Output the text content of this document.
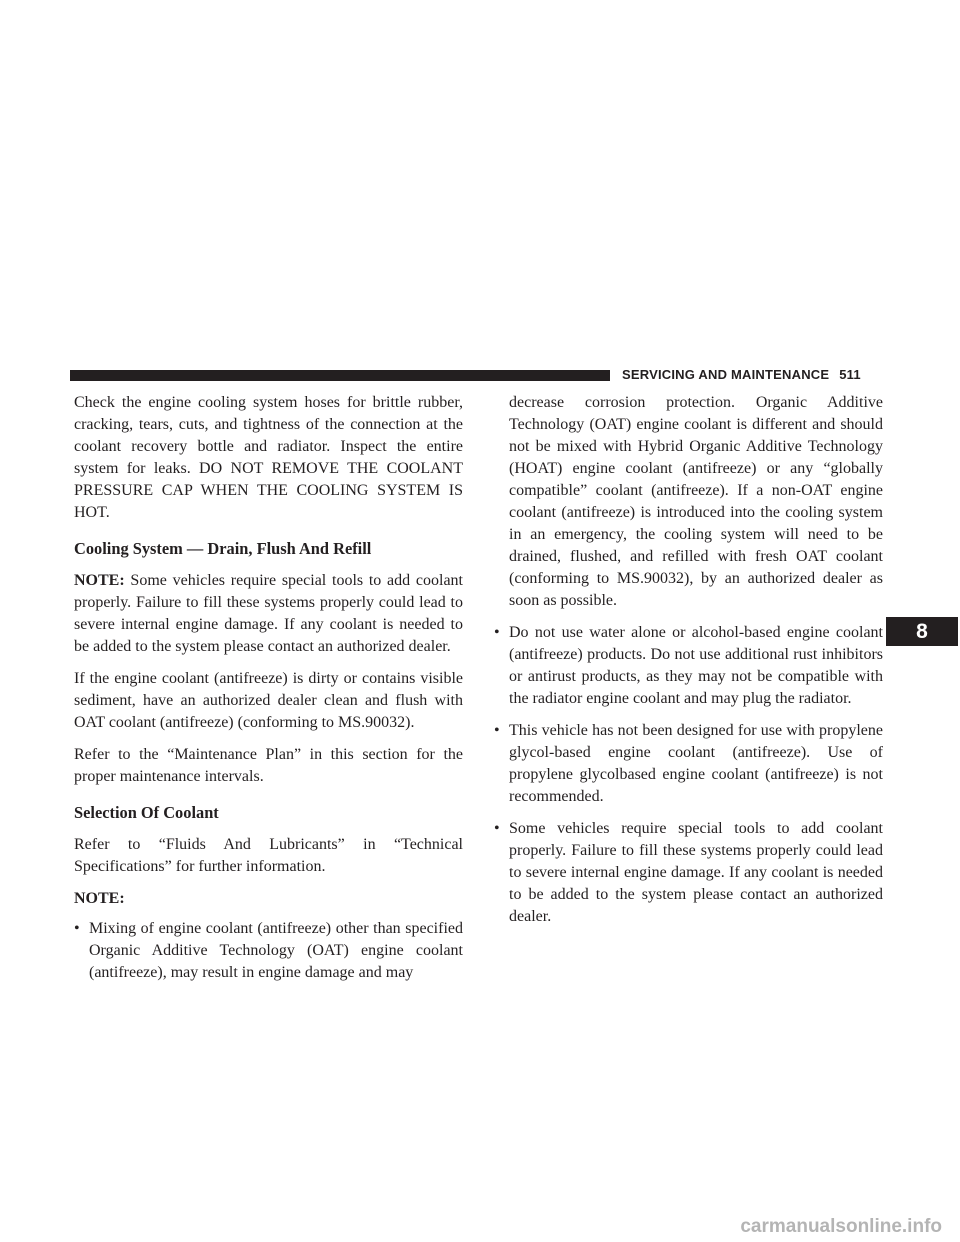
SERVICING AND MAINTENANCE 511

Check the engine cooling system hoses for brittle rubber, cracking, tears, cuts, and tightness of the connection at the coolant recovery bottle and radiator. Inspect the entire system for leaks. DO NOT REMOVE THE COOLANT PRESSURE CAP WHEN THE COOLING SYSTEM IS HOT.

Cooling System — Drain, Flush And Refill

NOTE: Some vehicles require special tools to add coolant properly. Failure to fill these systems properly could lead to severe internal engine damage. If any coolant is needed to be added to the system please contact an authorized dealer.

If the engine coolant (antifreeze) is dirty or contains visible sediment, have an authorized dealer clean and flush with OAT coolant (antifreeze) (conforming to MS.90032).

Refer to the “Maintenance Plan” in this section for the proper maintenance intervals.

Selection Of Coolant

Refer to “Fluids And Lubricants” in “Technical Specifications” for further information.

NOTE:
• Mixing of engine coolant (antifreeze) other than specified Organic Additive Technology (OAT) engine coolant (antifreeze), may result in engine damage and may

decrease corrosion protection. Organic Additive Technology (OAT) engine coolant is different and should not be mixed with Hybrid Organic Additive Technology (HOAT) engine coolant (antifreeze) or any “globally compatible” coolant (antifreeze). If a non-OAT engine coolant (antifreeze) is introduced into the cooling system in an emergency, the cooling system will need to be drained, flushed, and refilled with fresh OAT coolant (conforming to MS.90032), by an authorized dealer as soon as possible.

• Do not use water alone or alcohol-based engine coolant (antifreeze) products. Do not use additional rust inhibitors or antirust products, as they may not be compatible with the radiator engine coolant and may plug the radiator.
• This vehicle has not been designed for use with propylene glycol-based engine coolant (antifreeze). Use of propylene glycolbased engine coolant (antifreeze) is not recommended.
• Some vehicles require special tools to add coolant properly. Failure to fill these systems properly could lead to severe internal engine damage. If any coolant is needed to be added to the system please contact an authorized dealer.
8
carmanualsonline.info
